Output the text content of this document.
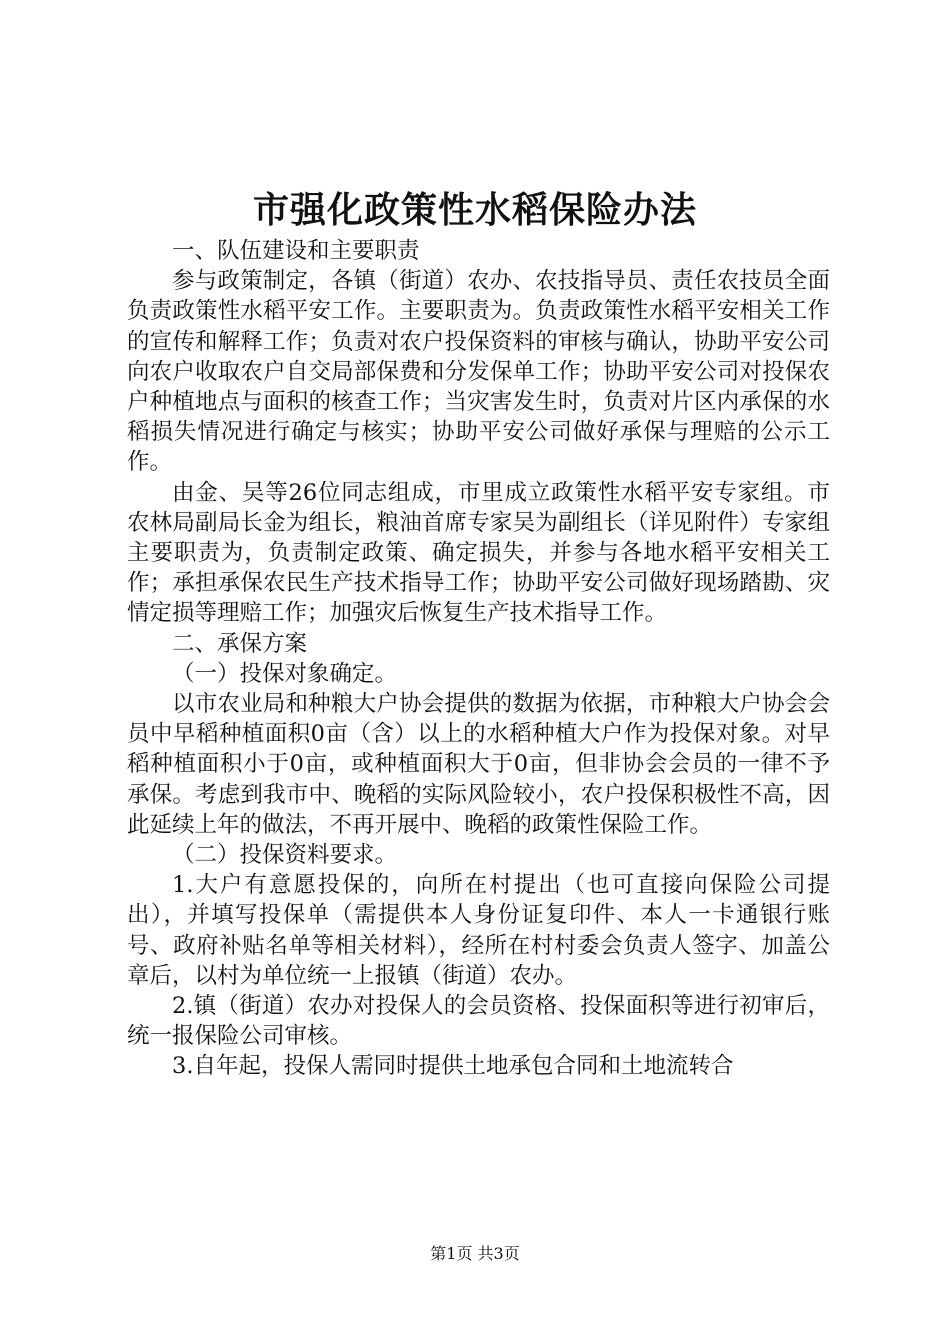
市强化政策性水稻保险办法

一、队伍建设和主要职责

参与政策制定，各镇（街道）农办、农技指导员、责任农技员全面负责政策性水稻平安工作。主要职责为。负责政策性水稻平安相关工作的宣传和解释工作；负责对农户投保资料的审核与确认，协助平安公司向农户收取农户自交局部保费和分发保单工作；协助平安公司对投保农户种植地点与面积的核查工作；当灾害发生时，负责对片区内承保的水稻损失情况进行确定与核实；协助平安公司做好承保与理赔的公示工作。

由金、吴等26位同志组成，市里成立政策性水稻平安专家组。市农林局副局长金为组长，粮油首席专家吴为副组长（详见附件）专家组主要职责为，负责制定政策、确定损失，并参与各地水稻平安相关工作；承担承保农民生产技术指导工作；协助平安公司做好现场踏勘、灾情定损等理赔工作；加强灾后恢复生产技术指导工作。

二、承保方案

（一）投保对象确定。

以市农业局和种粮大户协会提供的数据为依据，市种粮大户协会会员中早稻种植面积0亩（含）以上的水稻种植大户作为投保对象。对早稻种植面积小于0亩，或种植面积大于0亩，但非协会会员的一律不予承保。考虑到我市中、晚稻的实际风险较小，农户投保积极性不高，因此延续上年的做法，不再开展中、晚稻的政策性保险工作。

（二）投保资料要求。

1.大户有意愿投保的，向所在村提出（也可直接向保险公司提出），并填写投保单（需提供本人身份证复印件、本人一卡通银行账号、政府补贴名单等相关材料），经所在村村委会负责人签字、加盖公章后，以村为单位统一上报镇（街道）农办。

2.镇（街道）农办对投保人的会员资格、投保面积等进行初审后，统一报保险公司审核。

3.自年起，投保人需同时提供土地承包合同和土地流转合

第1页 共3页
